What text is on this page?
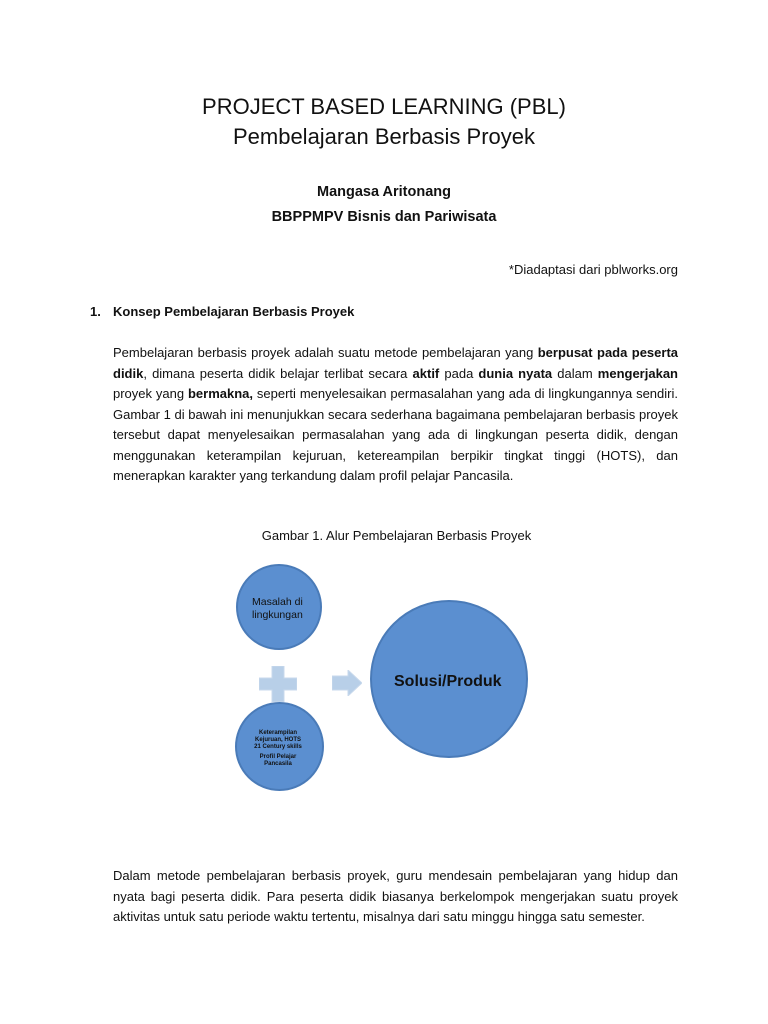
PROJECT BASED LEARNING (PBL)
Pembelajaran Berbasis Proyek
Mangasa Aritonang
BBPPMPV Bisnis dan Pariwisata
*Diadaptasi dari pblworks.org
1. Konsep Pembelajaran Berbasis Proyek
Pembelajaran berbasis proyek adalah suatu metode pembelajaran yang berpusat pada peserta didik, dimana peserta didik belajar terlibat secara aktif pada dunia nyata dalam mengerjakan proyek yang bermakna, seperti menyelesaikan permasalahan yang ada di lingkungannya sendiri. Gambar 1 di bawah ini menunjukkan secara sederhana bagaimana pembelajaran berbasis proyek tersebut dapat menyelesaikan permasalahan yang ada di lingkungan peserta didik, dengan menggunakan keterampilan kejuruan, ketereampilan berpikir tingkat tinggi (HOTS), dan menerapkan karakter yang terkandung dalam profil pelajar Pancasila.
Gambar 1. Alur Pembelajaran Berbasis Proyek
Masalah di
lingkungan
Keterampilan
Kejuruan, HOTS
21 Century skills
Profil Pelajar
Pancasila
Solusi/Produk
Dalam metode pembelajaran berbasis proyek, guru mendesain pembelajaran yang hidup dan nyata bagi peserta didik. Para peserta didik biasanya berkelompok mengerjakan suatu proyek aktivitas untuk satu periode waktu tertentu, misalnya dari satu minggu hingga satu semester.
